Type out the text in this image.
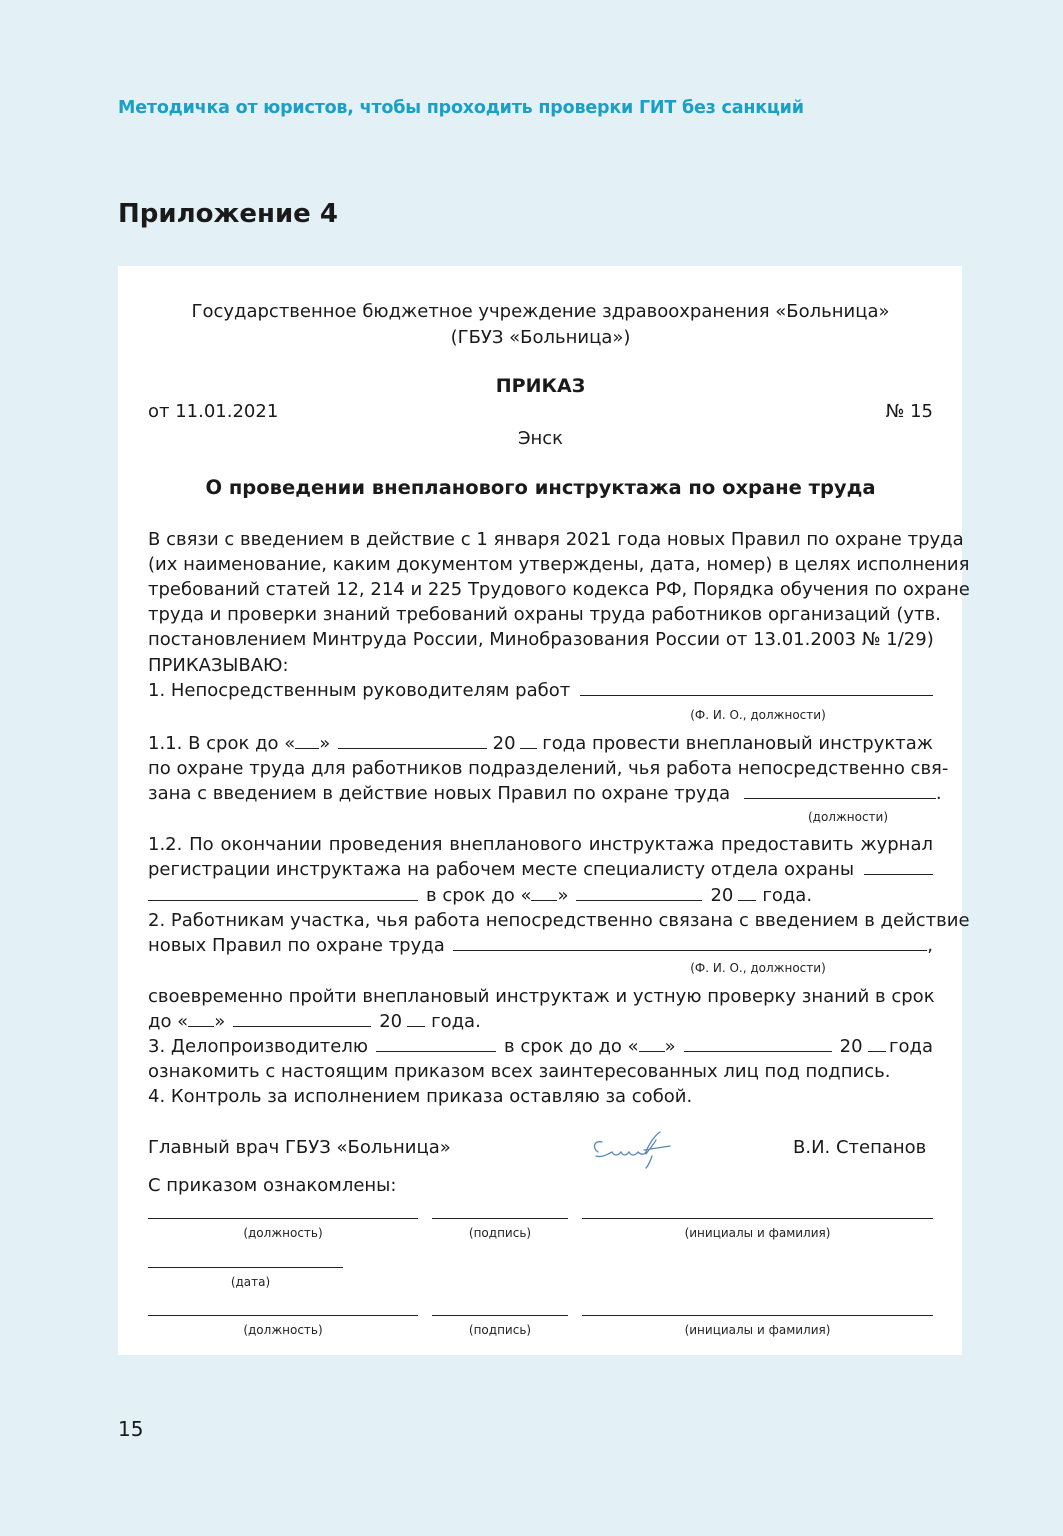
Методичка от юристов, чтобы проходить проверки ГИТ без санкций
Приложение 4
Государственное бюджетное учреждение здравоохранения «Больница»
(ГБУЗ «Больница»)
ПРИКАЗ
от 11.01.2021	№ 15
Энск
О проведении внепланового инструктажа по охране труда
В связи с введением в действие с 1 января 2021 года новых Правил по охране труда
(их наименование, каким документом утверждены, дата, номер) в целях исполнения
требований статей 12, 214 и 225 Трудового кодекса РФ, Порядка обучения по охране
труда и проверки знаний требований охраны труда работников организаций (утв.
постановлением Минтруда России, Минобразования России от 13.01.2003 № 1/29)
ПРИКАЗЫВАЮ:
1. Непосредственным руководителям работ
(Ф. И. О., должности)
1.1. В срок до « »	20 года провести внеплановый инструктаж
по охране труда для работников подразделений, чья работа непосредственно свя-
зана с введением в действие новых Правил по охране труда	.
(должности)
1.2. По окончании проведения внепланового инструктажа предоставить журнал
регистрации инструктажа на рабочем месте специалисту отдела охраны
в срок до « »	20 года.
2. Работникам участка, чья работа непосредственно связана с введением в действие
новых Правил по охране труда	,
(Ф. И. О., должности)
своевременно пройти внеплановый инструктаж и устную проверку знаний в срок
до « »	20 года.
3. Делопроизводителю	в срок до до « »	20 года
ознакомить с настоящим приказом всех заинтересованных лиц под подпись.
4. Контроль за исполнением приказа оставляю за собой.
Главный врач ГБУЗ «Больница»	В.И. Степанов
С приказом ознакомлены:
(должность)	(подпись)	(инициалы и фамилия)
(дата)
(должность)	(подпись)	(инициалы и фамилия)
15
